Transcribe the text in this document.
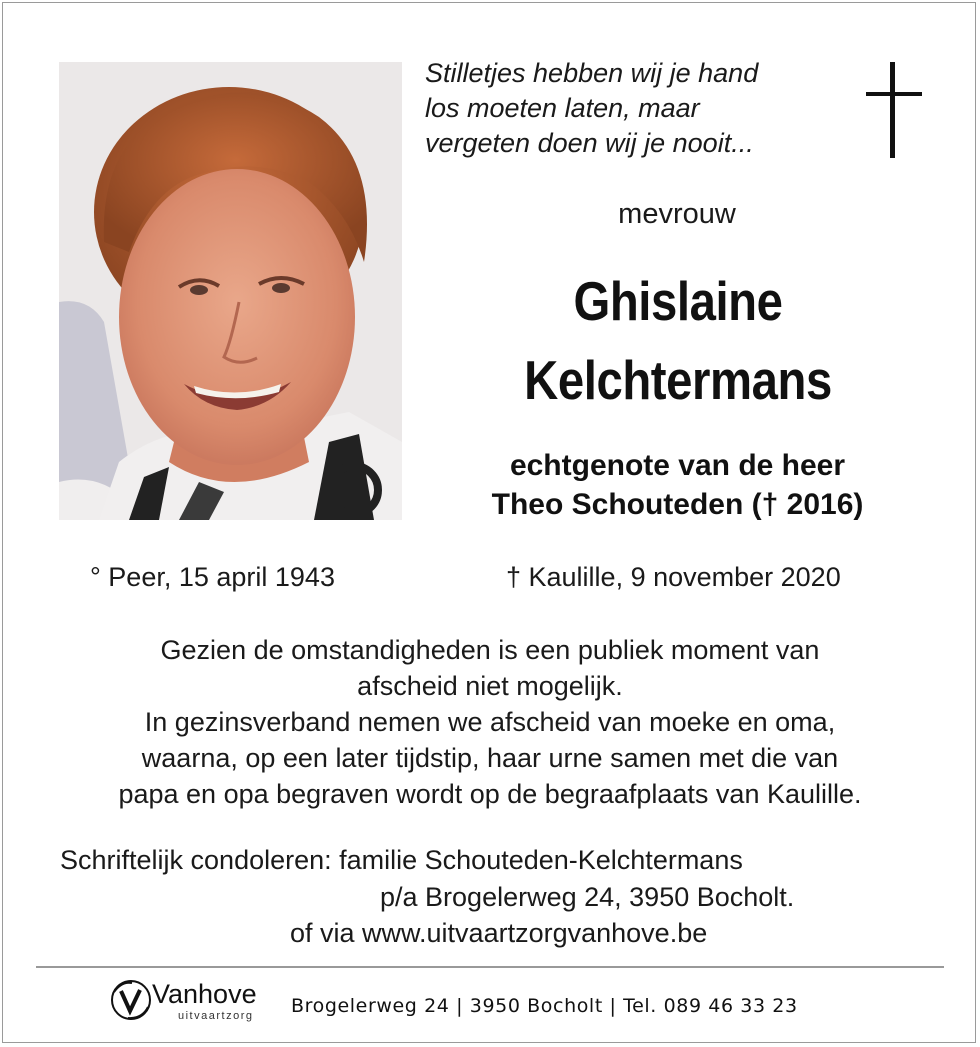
Stilletjes hebben wij je hand
los moeten laten, maar
vergeten doen wij je nooit...
mevrouw
Ghislaine
Kelchtermans
echtgenote van de heer
Theo Schouteden († 2016)
° Peer, 15 april 1943	† Kaulille, 9 november 2020
Gezien de omstandigheden is een publiek moment van
afscheid niet mogelijk.
In gezinsverband nemen we afscheid van moeke en oma,
waarna, op een later tijdstip, haar urne samen met die van
papa en opa begraven wordt op de begraafplaats van Kaulille.
Schriftelijk condoleren: familie Schouteden-Kelchtermans
p/a Brogelerweg 24, 3950 Bocholt.
of via www.uitvaartzorgvanhove.be
Vanhove
uitvaartzorg Brogelerweg 24 | 3950 Bocholt | Tel. 089 46 33 23
